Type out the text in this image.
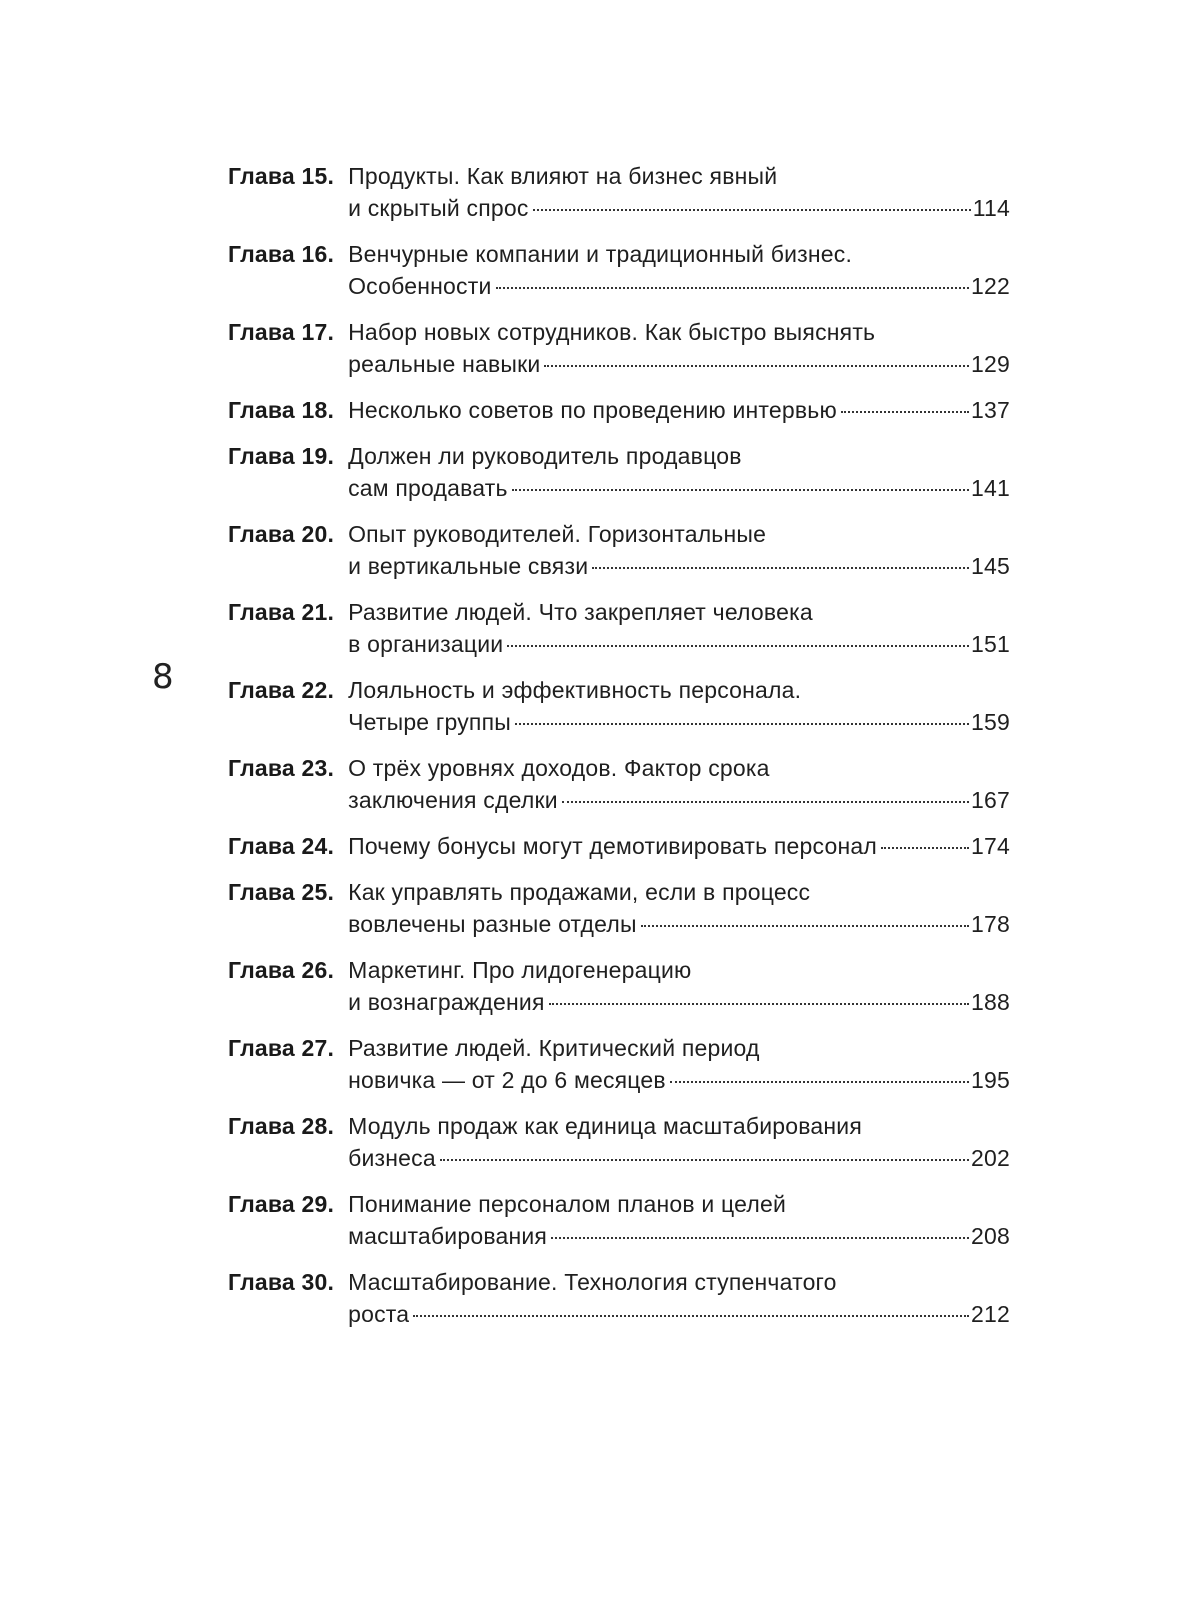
8
Глава 15. Продукты. Как влияют на бизнес явный
и скрытый спрос	114
Глава 16. Венчурные компании и традиционный бизнес.
Особенности	122
Глава 17. Набор новых сотрудников. Как быстро выяснять
реальные навыки	129
Глава 18. Несколько советов по проведению интервью	137
Глава 19. Должен ли руководитель продавцов
сам продавать	141
Глава 20. Опыт руководителей. Горизонтальные
и вертикальные связи	145
Глава 21. Развитие людей. Что закрепляет человека
в организации	151
Глава 22. Лояльность и эффективность персонала.
Четыре группы	159
Глава 23. О трёх уровнях доходов. Фактор срока
заключения сделки	167
Глава 24. Почему бонусы могут демотивировать персонал	174
Глава 25. Как управлять продажами, если в процесс
вовлечены разные отделы	178
Глава 26. Маркетинг. Про лидогенерацию
и вознаграждения	188
Глава 27. Развитие людей. Критический период
новичка — от 2 до 6 месяцев	195
Глава 28. Модуль продаж как единица масштабирования
бизнеса	202
Глава 29. Понимание персоналом планов и целей
масштабирования	208
Глава 30. Масштабирование. Технология ступенчатого
роста	212
